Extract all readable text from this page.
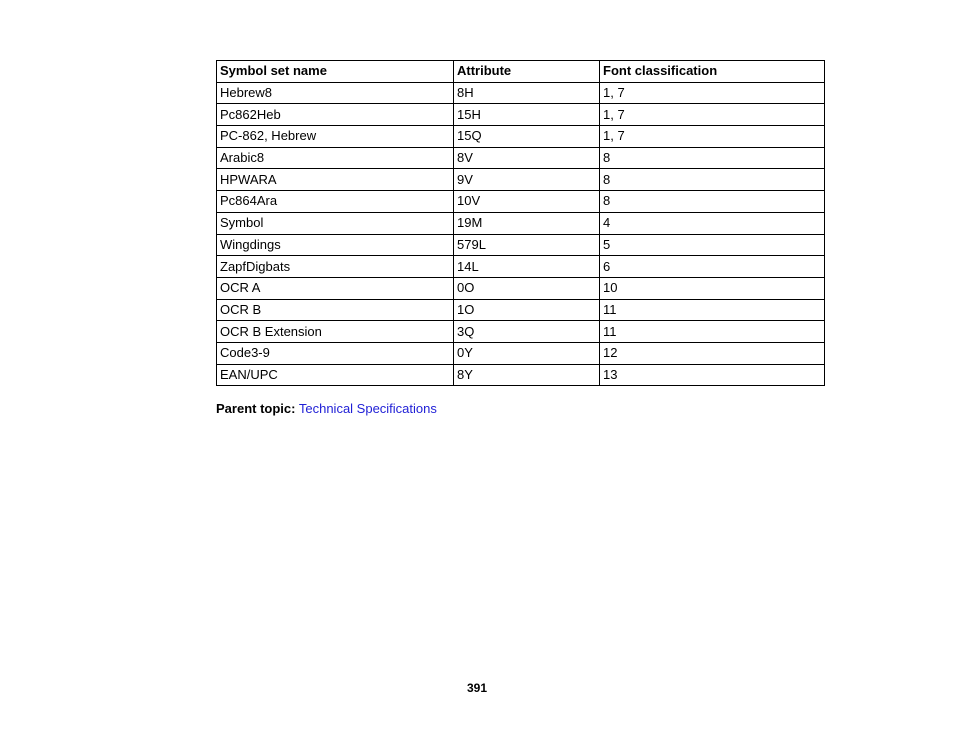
Symbol set name	Attribute	Font classification
Hebrew8	8H	1, 7
Pc862Heb	15H	1, 7
PC-862, Hebrew	15Q	1, 7
Arabic8	8V	8
HPWARA	9V	8
Pc864Ara	10V	8
Symbol	19M	4
Wingdings	579L	5
ZapfDigbats	14L	6
OCR A	0O	10
OCR B	1O	11
OCR B Extension	3Q	11
Code3-9	0Y	12
EAN/UPC	8Y	13
Parent topic: Technical Specifications
391
